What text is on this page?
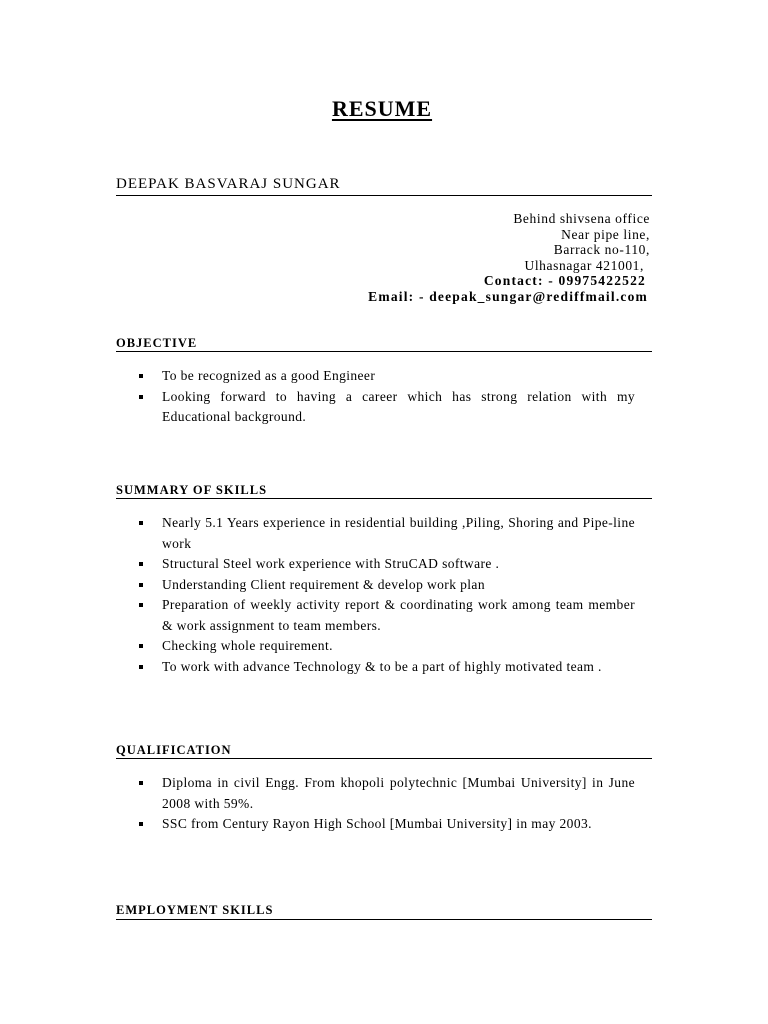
RESUME
DEEPAK BASVARAJ SUNGAR
Behind shivsena office
Near pipe line,
Barrack no-110,
Ulhasnagar 421001,
Contact: - 09975422522
Email: - deepak_sungar@rediffmail.com
OBJECTIVE
To be recognized as a good Engineer
Looking forward to having a career which has strong relation with my Educational background.
SUMMARY OF SKILLS
Nearly 5.1 Years experience in residential building ,Piling, Shoring and Pipe-line work
Structural Steel work experience with StruCAD software .
Understanding Client requirement & develop work plan
Preparation of weekly activity report & coordinating work among team member & work assignment to team members.
Checking whole requirement.
To work with advance Technology & to be a part of highly motivated team .
QUALIFICATION
Diploma in civil Engg. From khopoli polytechnic [Mumbai University] in June 2008 with 59%.
SSC from Century Rayon High School [Mumbai University] in may 2003.
EMPLOYMENT SKILLS
